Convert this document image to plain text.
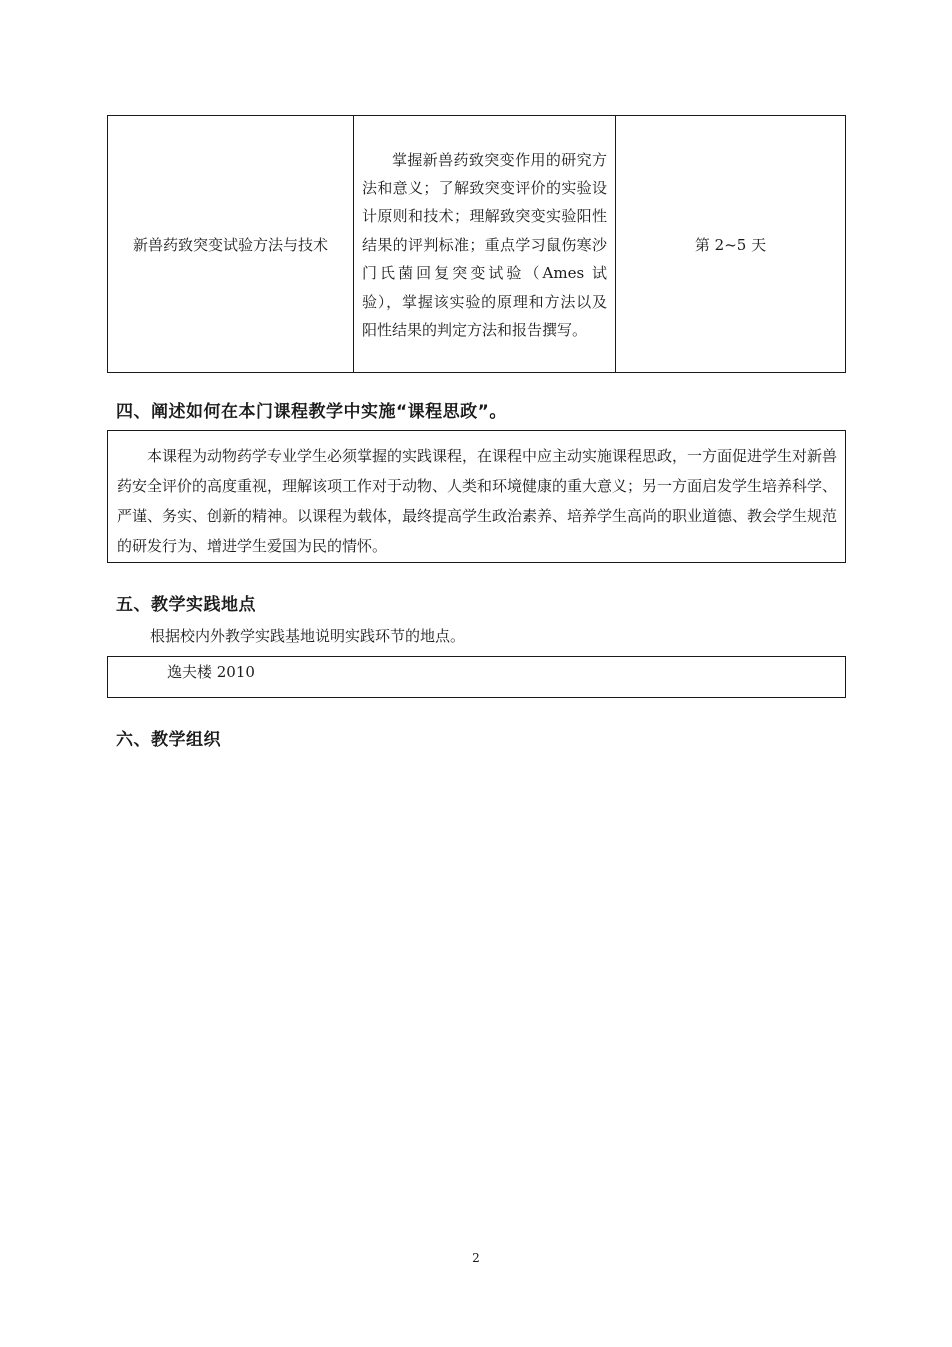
新兽药致突变试验方法与技术	掌握新兽药致突变作用的研究方法和意义；了解致突变评价的实验设计原则和技术；理解致突变实验阳性结果的评判标准；重点学习鼠伤寒沙门氏菌回复突变试验（Ames 试验），掌握该实验的原理和方法以及阳性结果的判定方法和报告撰写。	第 2~5 天
四、阐述如何在本门课程教学中实施“课程思政”。

本课程为动物药学专业学生必须掌握的实践课程，在课程中应主动实施课程思政，一方面促进学生对新兽药安全评价的高度重视，理解该项工作对于动物、人类和环境健康的重大意义；另一方面启发学生培养科学、严谨、务实、创新的精神。以课程为载体，最终提高学生政治素养、培养学生高尚的职业道德、教会学生规范的研发行为、增进学生爱国为民的情怀。

五、教学实践地点

根据校内外教学实践基地说明实践环节的地点。

逸夫楼 2010
六、教学组织
2
